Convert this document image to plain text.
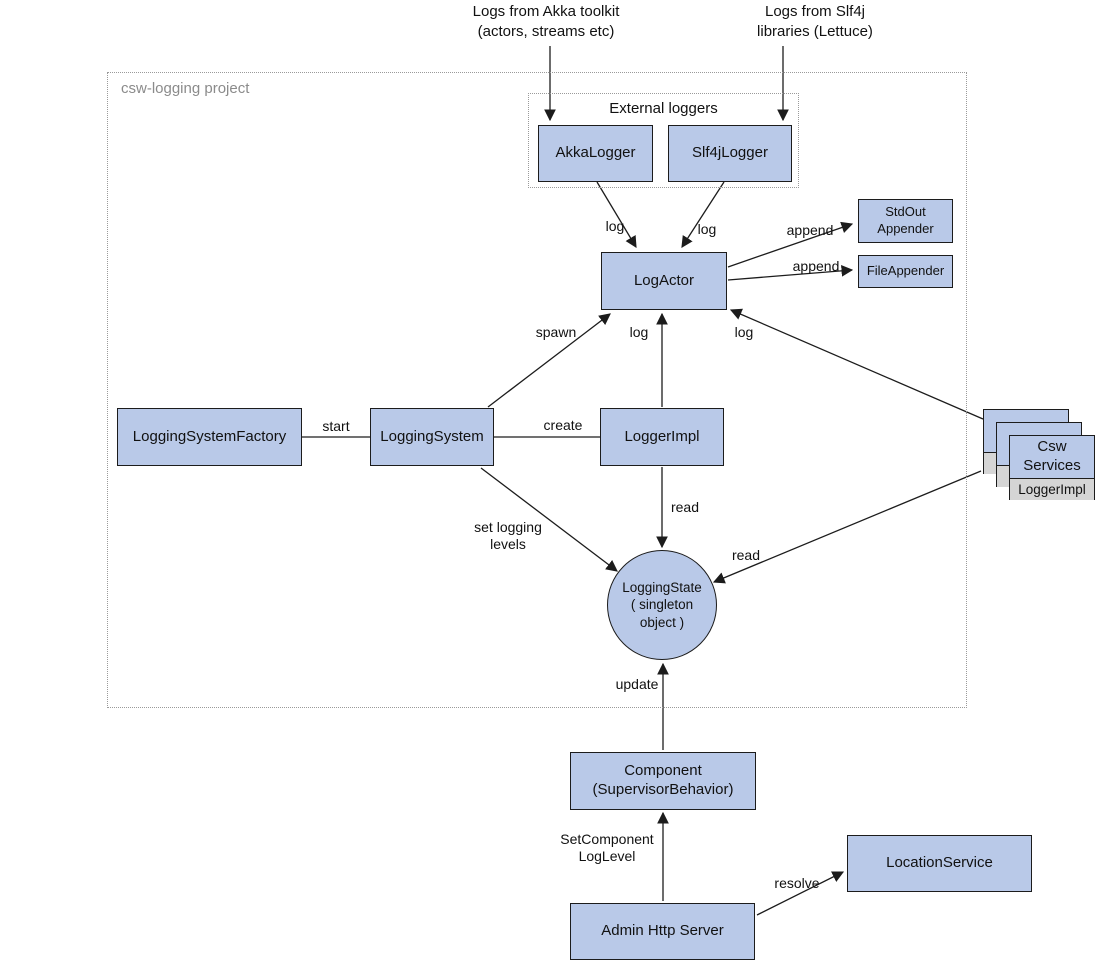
Logs from Akka toolkit
(actors, streams etc)
Logs from Slf4j
libraries (Lettuce)
csw-logging project
External loggers
AkkaLogger	Slf4jLogger
LogActor
StdOut
Appender
FileAppender
LoggingSystemFactory	LoggingSystem	LoggerImpl
Csw
Services
LoggerImpl
LoggingState
( singleton
object )
Component
(SupervisorBehavior)
Admin Http Server
LocationService
log	log	append
append
spawn	log	log
start	create
read
read
set logging
levels
update
SetComponent
LogLevel
resolve
